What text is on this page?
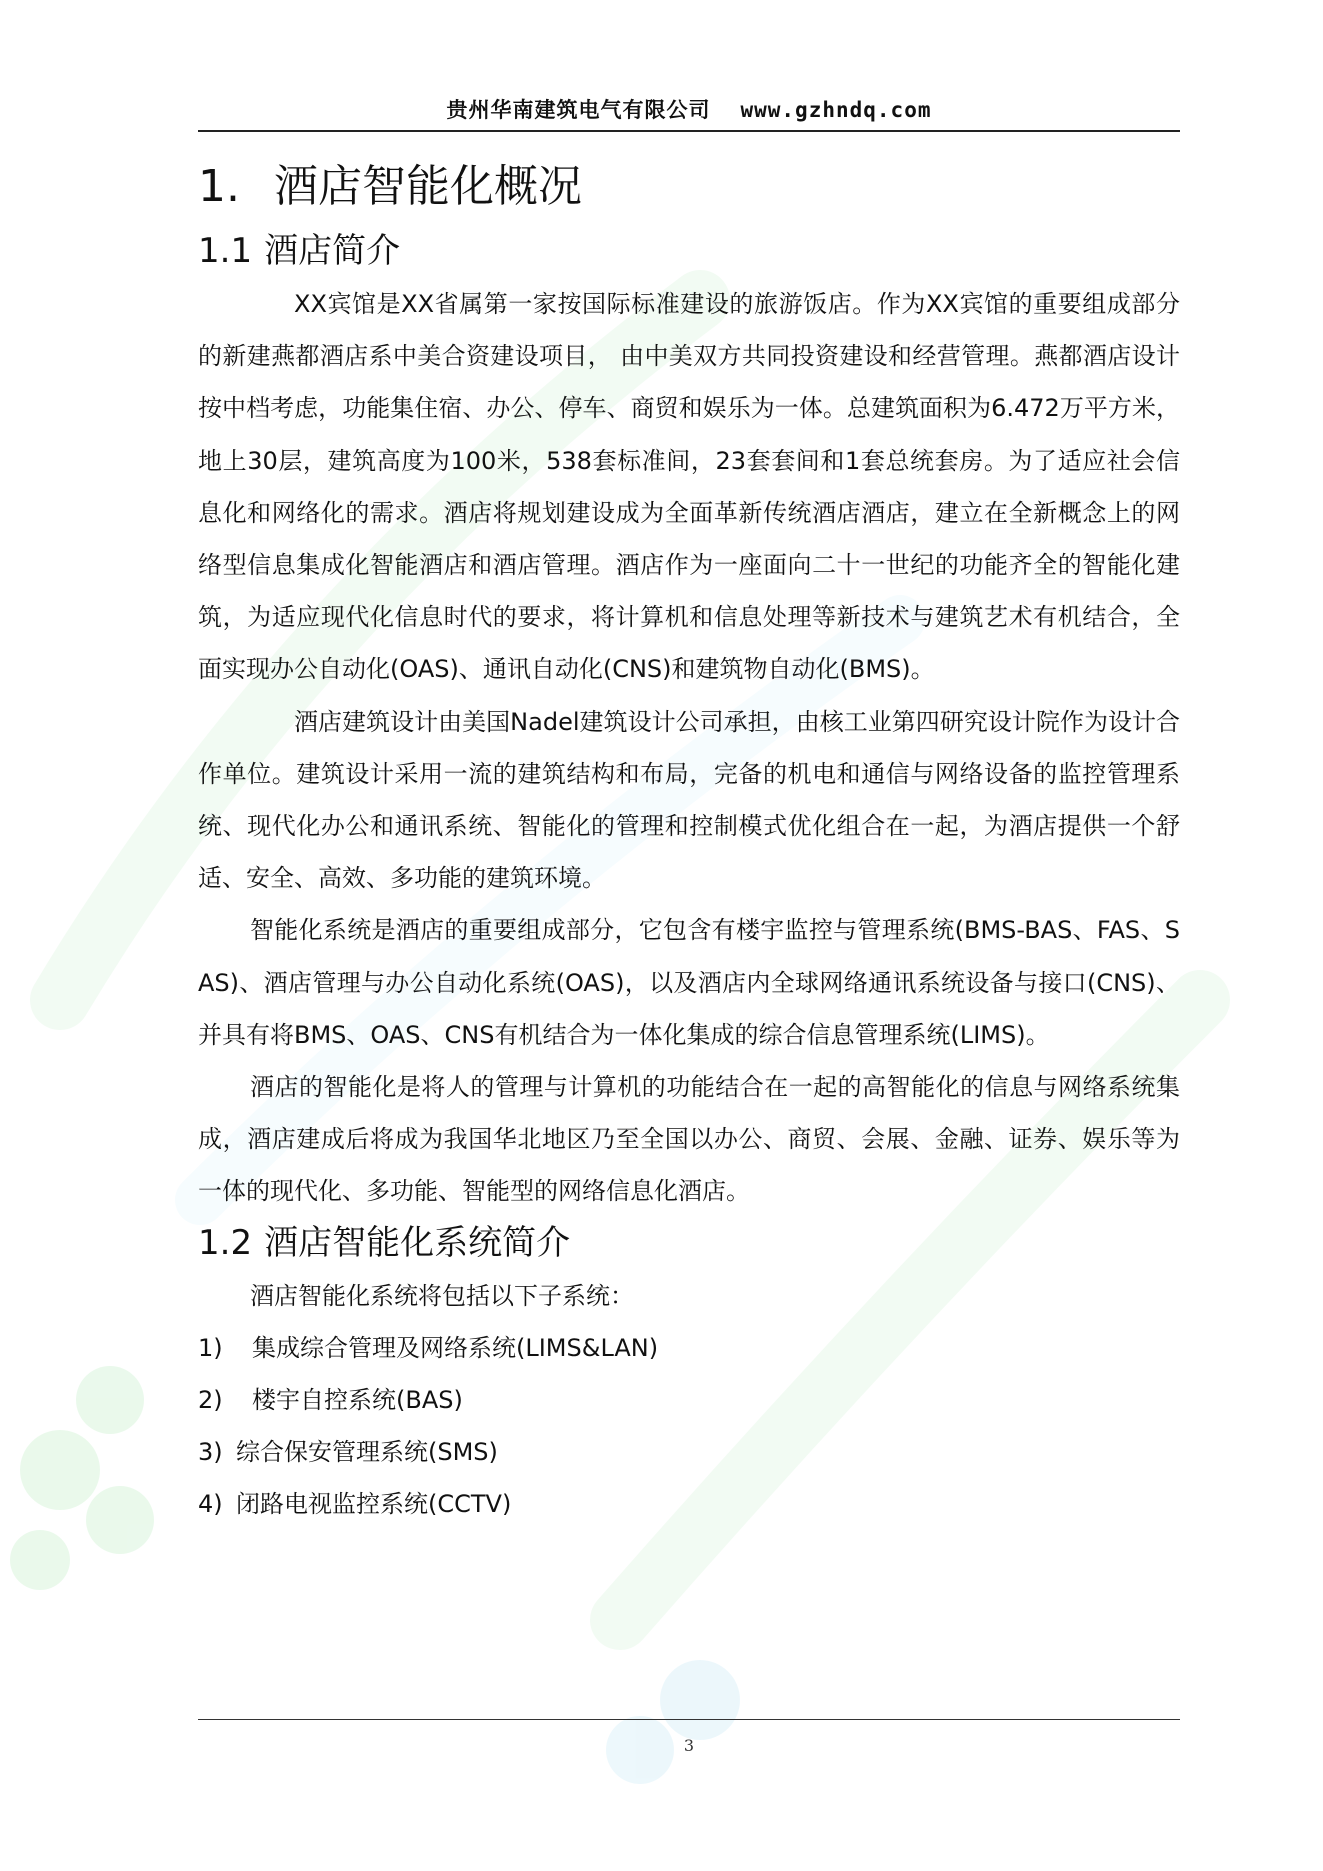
贵州华南建筑电气有限公司 www.gzhndq.com
1. 酒店智能化概况
1.1 酒店简介

XX宾馆是XX省属第一家按国际标准建设的旅游饭店。作为XX宾馆的重要组成部分的新建燕都酒店系中美合资建设项目， 由中美双方共同投资建设和经营管理。燕都酒店设计按中档考虑，功能集住宿、办公、停车、商贸和娱乐为一体。总建筑面积为6.472万平方米，地上30层，建筑高度为100米，538套标准间，23套套间和1套总统套房。为了适应社会信息化和网络化的需求。酒店将规划建设成为全面革新传统酒店酒店，建立在全新概念上的网络型信息集成化智能酒店和酒店管理。酒店作为一座面向二十一世纪的功能齐全的智能化建筑，为适应现代化信息时代的要求，将计算机和信息处理等新技术与建筑艺术有机结合，全面实现办公自动化(OAS)、通讯自动化(CNS)和建筑物自动化(BMS)。

酒店建筑设计由美国Nadel建筑设计公司承担，由核工业第四研究设计院作为设计合作单位。建筑设计采用一流的建筑结构和布局，完备的机电和通信与网络设备的监控管理系统、现代化办公和通讯系统、智能化的管理和控制模式优化组合在一起，为酒店提供一个舒适、安全、高效、多功能的建筑环境。

智能化系统是酒店的重要组成部分，它包含有楼宇监控与管理系统(BMS-BAS、FAS、SAS)、酒店管理与办公自动化系统(OAS)，以及酒店内全球网络通讯系统设备与接口(CNS)、并具有将BMS、OAS、CNS有机结合为一体化集成的综合信息管理系统(LIMS)。

酒店的智能化是将人的管理与计算机的功能结合在一起的高智能化的信息与网络系统集成，酒店建成后将成为我国华北地区乃至全国以办公、商贸、会展、金融、证券、娱乐等为一体的现代化、多功能、智能型的网络信息化酒店。

1.2 酒店智能化系统简介

酒店智能化系统将包括以下子系统：

1) 集成综合管理及网络系统(LIMS&LAN)
2) 楼宇自控系统(BAS)
3) 综合保安管理系统(SMS)
4) 闭路电视监控系统(CCTV)
3
